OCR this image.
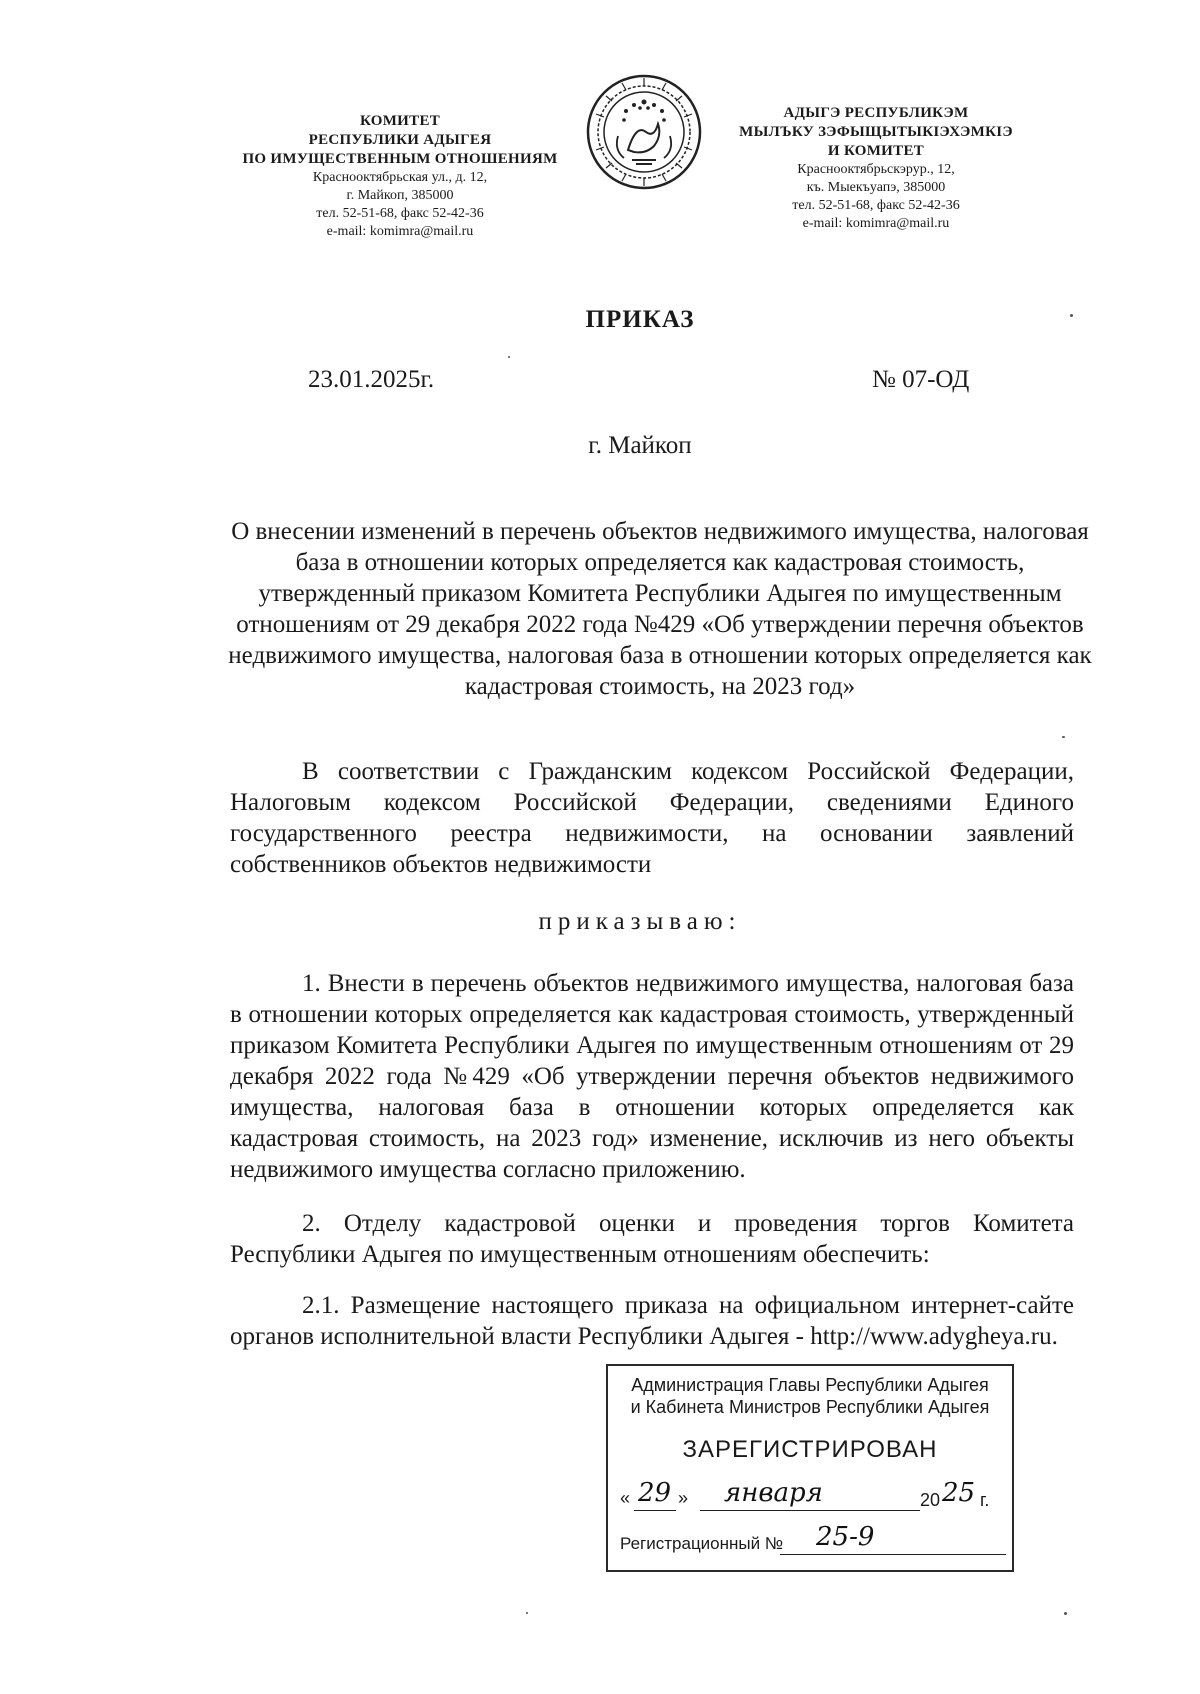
КОМИТЕТ
РЕСПУБЛИКИ АДЫГЕЯ
ПО ИМУЩЕСТВЕННЫМ ОТНОШЕНИЯМ
Краснооктябрьская ул., д. 12,
г. Майкоп, 385000
тел. 52-51-68, факс 52-42-36
e-mail: komimra@mail.ru
АДЫГЭ РЕСПУБЛИКЭМ
МЫЛЪКУ ЗЭФЫЩЫТЫКIЭХЭМКIЭ
И КОМИТЕТ
Краснооктябрьскэрур., 12,
къ. Мыекъуапэ, 385000
тел. 52-51-68, факс 52-42-36
e-mail: komimra@mail.ru
ПРИКАЗ
23.01.2025г.	№ 07-ОД
г. Майкоп
О внесении изменений в перечень объектов недвижимого имущества, налоговая база в отношении которых определяется как кадастровая стоимость, утвержденный приказом Комитета Республики Адыгея по имущественным отношениям от 29 декабря 2022 года №429 «Об утверждении перечня объектов недвижимого имущества, налоговая база в отношении которых определяется как кадастровая стоимость, на 2023 год»
В соответствии с Гражданским кодексом Российской Федерации, Налоговым кодексом Российской Федерации, сведениями Единого государственного реестра недвижимости, на основании заявлений собственников объектов недвижимости
приказываю:
1. Внести в перечень объектов недвижимого имущества, налоговая база в отношении которых определяется как кадастровая стоимость, утвержденный приказом Комитета Республики Адыгея по имущественным отношениям от 29 декабря 2022 года №429 «Об утверждении перечня объектов недвижимого имущества, налоговая база в отношении которых определяется как кадастровая стоимость, на 2023 год» изменение, исключив из него объекты недвижимого имущества согласно приложению.
2. Отделу кадастровой оценки и проведения торгов Комитета Республики Адыгея по имущественным отношениям обеспечить:
2.1. Размещение настоящего приказа на официальном интернет-сайте органов исполнительной власти Республики Адыгея - http://www.adygheya.ru.
Администрация Главы Республики Адыгея
и Кабинета Министров Республики Адыгея
ЗАРЕГИСТРИРОВАН
« 29 » января	20 25 г.
Регистрационный № 25-9
